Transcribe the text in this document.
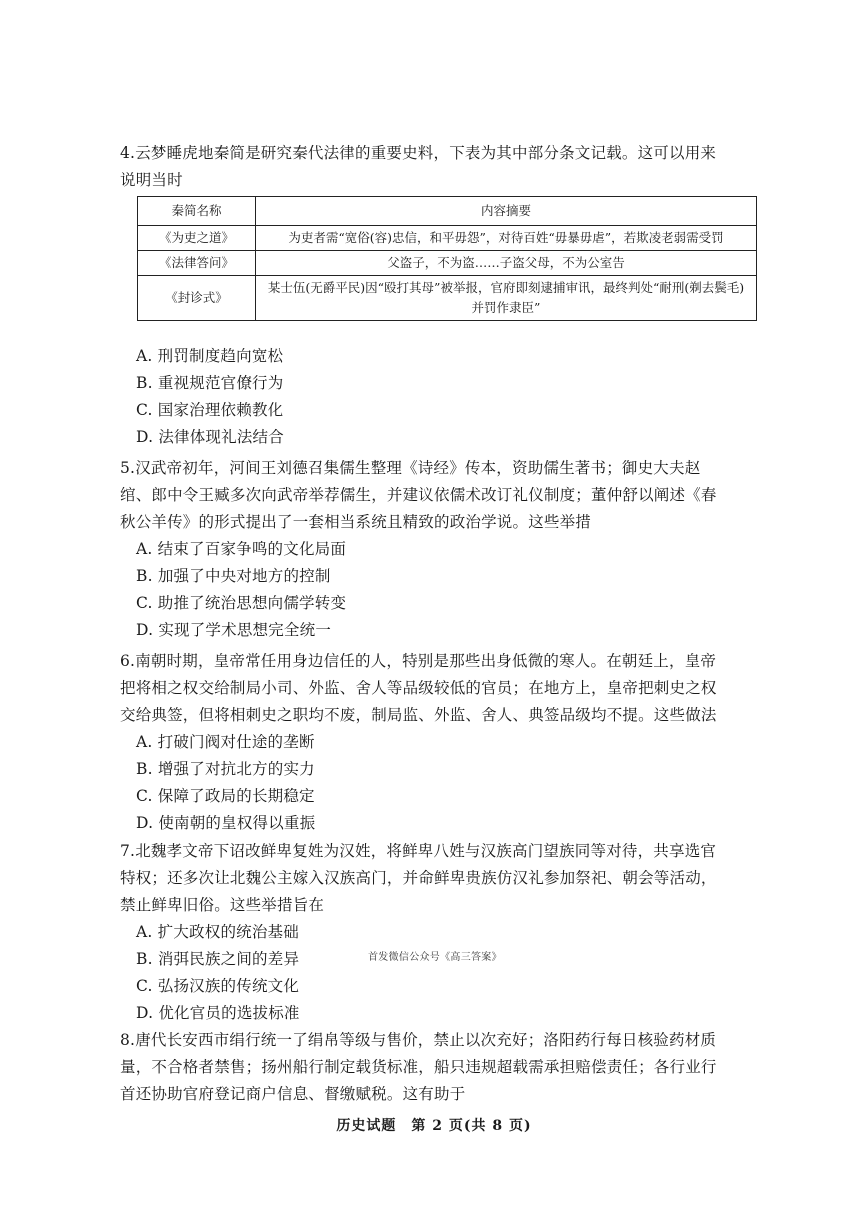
4.云梦睡虎地秦简是研究秦代法律的重要史料，下表为其中部分条文记载。这可以用来说明当时

秦简名称	内容摘要
《为吏之道》	为吏者需“宽俗(容)忠信，和平毋怨”，对待百姓“毋暴毋虐”，若欺凌老弱需受罚
《法律答问》	父盗子，不为盗……子盗父母，不为公室告
《封诊式》	某士伍(无爵平民)因“殴打其母”被举报，官府即刻逮捕审讯，最终判处“耐刑(剃去鬓毛)并罚作隶臣”

A. 刑罚制度趋向宽松

B. 重视规范官僚行为

C. 国家治理依赖教化

D. 法律体现礼法结合

5.汉武帝初年，河间王刘德召集儒生整理《诗经》传本，资助儒生著书；御史大夫赵绾、郎中令王臧多次向武帝举荐儒生，并建议依儒术改订礼仪制度；董仲舒以阐述《春秋公羊传》的形式提出了一套相当系统且精致的政治学说。这些举措

A. 结束了百家争鸣的文化局面

B. 加强了中央对地方的控制

C. 助推了统治思想向儒学转变

D. 实现了学术思想完全统一

6.南朝时期，皇帝常任用身边信任的人，特别是那些出身低微的寒人。在朝廷上，皇帝把将相之权交给制局小司、外监、舍人等品级较低的官员；在地方上，皇帝把刺史之权交给典签，但将相刺史之职均不废，制局监、外监、舍人、典签品级均不提。这些做法

A. 打破门阀对仕途的垄断

B. 增强了对抗北方的实力

C. 保障了政局的长期稳定

D. 使南朝的皇权得以重振

7.北魏孝文帝下诏改鲜卑复姓为汉姓，将鲜卑八姓与汉族高门望族同等对待，共享选官特权；还多次让北魏公主嫁入汉族高门，并命鲜卑贵族仿汉礼参加祭祀、朝会等活动，禁止鲜卑旧俗。这些举措旨在

A. 扩大政权的统治基础

B. 消弭民族之间的差异

C. 弘扬汉族的传统文化

D. 优化官员的选拔标准

首发微信公众号《高三答案》

8.唐代长安西市绢行统一了绢帛等级与售价，禁止以次充好；洛阳药行每日核验药材质量，不合格者禁售；扬州船行制定载货标准，船只违规超载需承担赔偿责任；各行业行首还协助官府登记商户信息、督缴赋税。这有助于

历史试题　第 2 页(共 8 页)
